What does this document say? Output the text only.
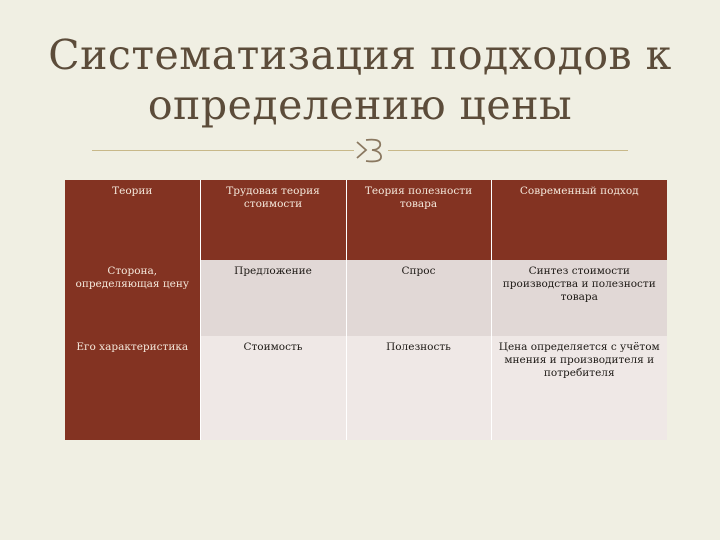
Систематизация подходов к определению цены
Теории	Трудовая теория стоимости	Теория полезности товара	Современный подход
Сторона, определяющая цену	Предложение	Спрос	Синтез стоимости производства и полезности товара
Его характеристика	Стоимость	Полезность	Цена определяется с учётом мнения и производителя и потребителя
